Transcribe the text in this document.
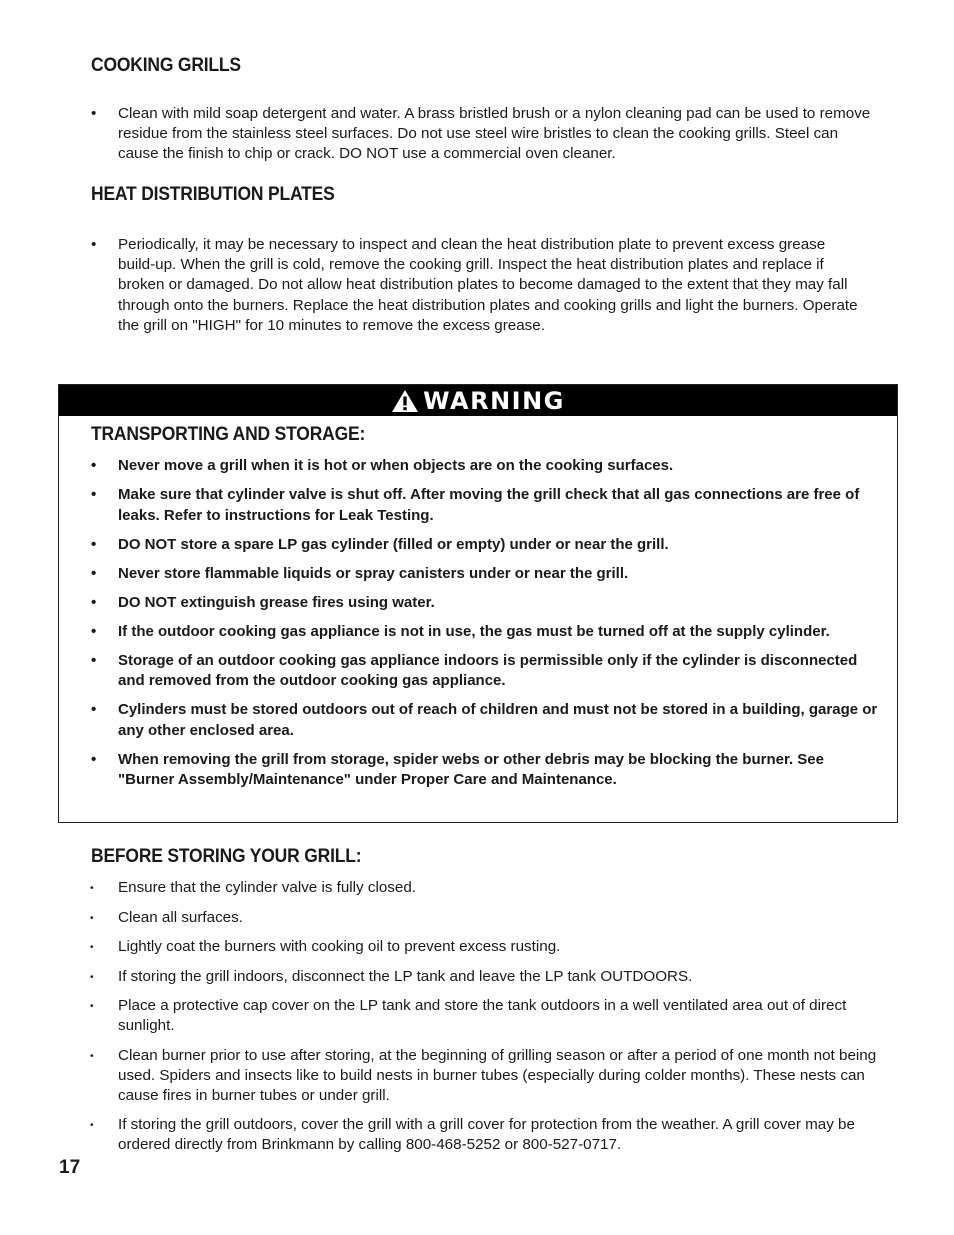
COOKING GRILLS
• Clean with mild soap detergent and water. A brass bristled brush or a nylon cleaning pad can be used to remove residue from the stainless steel surfaces. Do not use steel wire bristles to clean the cooking grills. Steel can cause the finish to chip or crack. DO NOT use a commercial oven cleaner.
HEAT DISTRIBUTION PLATES
• Periodically, it may be necessary to inspect and clean the heat distribution plate to prevent excess grease build-up. When the grill is cold, remove the cooking grill. Inspect the heat distribution plates and replace if broken or damaged. Do not allow heat distribution plates to become damaged to the extent that they may fall through onto the burners. Replace the heat distribution plates and cooking grills and light the burners. Operate the grill on "HIGH" for 10 minutes to remove the excess grease.
WARNING
TRANSPORTING AND STORAGE:
• Never move a grill when it is hot or when objects are on the cooking surfaces.
• Make sure that cylinder valve is shut off. After moving the grill check that all gas connections are free of leaks. Refer to instructions for Leak Testing.
• DO NOT store a spare LP gas cylinder (filled or empty) under or near the grill.
• Never store flammable liquids or spray canisters under or near the grill.
• DO NOT extinguish grease fires using water.
• If the outdoor cooking gas appliance is not in use, the gas must be turned off at the supply cylinder.
• Storage of an outdoor cooking gas appliance indoors is permissible only if the cylinder is disconnected and removed from the outdoor cooking gas appliance.
• Cylinders must be stored outdoors out of reach of children and must not be stored in a building, garage or any other enclosed area.
• When removing the grill from storage, spider webs or other debris may be blocking the burner. See "Burner Assembly/Maintenance" under Proper Care and Maintenance.
BEFORE STORING YOUR GRILL:
• Ensure that the cylinder valve is fully closed.
• Clean all surfaces.
• Lightly coat the burners with cooking oil to prevent excess rusting.
• If storing the grill indoors, disconnect the LP tank and leave the LP tank OUTDOORS.
• Place a protective cap cover on the LP tank and store the tank outdoors in a well ventilated area out of direct sunlight.
• Clean burner prior to use after storing, at the beginning of grilling season or after a period of one month not being used. Spiders and insects like to build nests in burner tubes (especially during colder months). These nests can cause fires in burner tubes or under grill.
• If storing the grill outdoors, cover the grill with a grill cover for protection from the weather. A grill cover may be ordered directly from Brinkmann by calling 800-468-5252 or 800-527-0717.
17
